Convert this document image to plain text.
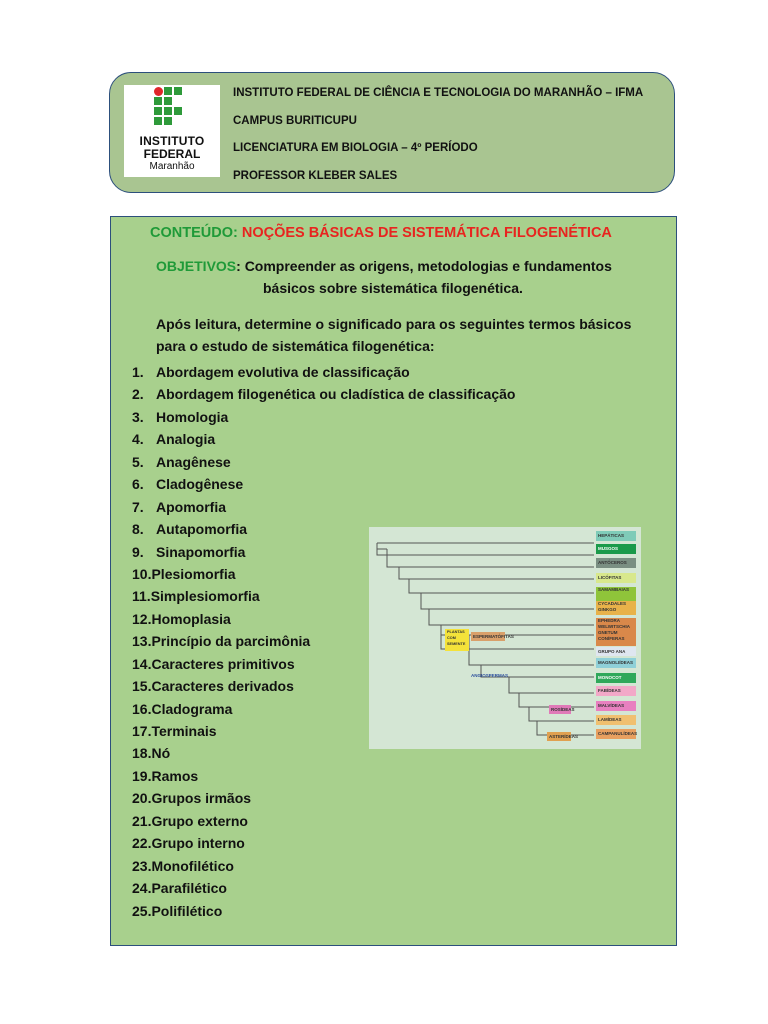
INSTITUTO
FEDERAL
Maranhão
INSTITUTO FEDERAL DE CIÊNCIA E TECNOLOGIA DO MARANHÃO – IFMA
CAMPUS BURITICUPU
LICENCIATURA EM BIOLOGIA – 4º PERÍODO
PROFESSOR KLEBER SALES
CONTEÚDO: NOÇÕES BÁSICAS DE SISTEMÁTICA FILOGENÉTICA
OBJETIVOS: Compreender as origens, metodologias e fundamentos
básicos sobre sistemática filogenética.
Após leitura, determine o significado para os seguintes termos básicos para o estudo de sistemática filogenética:
1. Abordagem evolutiva de classificação
2. Abordagem filogenética ou cladística de classificação
3. Homologia
4. Analogia
5. Anagênese
6. Cladogênese
7. Apomorfia
8. Autapomorfia
9. Sinapomorfia
10. Plesiomorfia
11. Simplesiomorfia
12. Homoplasia
13. Princípio da parcimônia
14. Caracteres primitivos
15. Caracteres derivados
16. Cladograma
17. Terminais
18. Nó
19. Ramos
20. Grupos irmãos
21. Grupo externo
22. Grupo interno
23. Monofilético
24. Parafilético
25. Polifilético
HEPÁTICAS
MUSGOS
ANTÓCEROS
LICÓFITAS
SAMAMBAIAS
CYCADALES GINKGO
EPHEDRA WELWITSCHIA GNETUM CONÍFERAS
GRUPO ANA
MAGNOLIÍDEAS
MONOCOT
FABÍDEAS
MALVÍDEAS
LAMÍDEAS
CAMPANULÍDEAS
PLANTAS COM SEMENTE
ESPERMATÓFITAS
ANGIOSPERMAS
ROSÍDEAS
ASTERÍDEAS
